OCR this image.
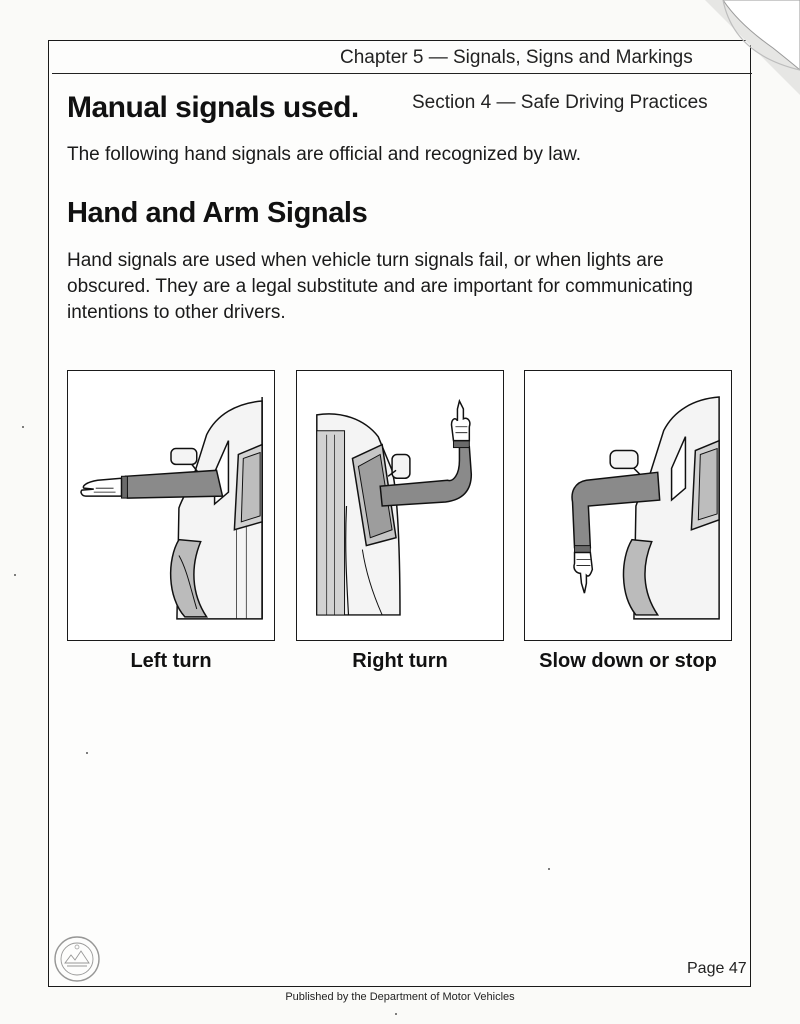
Chapter 5 — Signals, Signs and Markings
Manual signals used.	Section 4 — Safe Driving Practices

The following hand signals are official and recognized by law.

Hand and Arm Signals

Hand signals are used when vehicle turn signals fail, or when lights are obscured. They are a legal substitute and are important for communicating intentions to other drivers.

Left turn	Right turn	Slow down or stop
Page 47
Published by the Department of Motor Vehicles
